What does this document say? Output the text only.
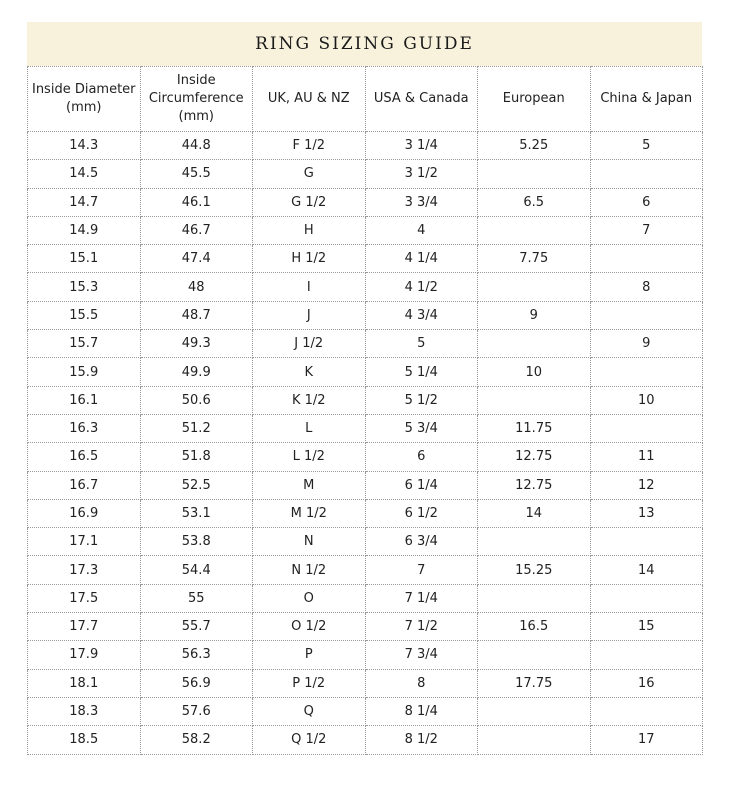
RING SIZING GUIDE
Inside Diameter (mm)	Inside Circumference (mm)	UK, AU & NZ	USA & Canada	European	China & Japan
14.3	44.8	F 1/2	3 1/4	5.25	5
14.5	45.5	G	3 1/2		
14.7	46.1	G 1/2	3 3/4	6.5	6
14.9	46.7	H	4		7
15.1	47.4	H 1/2	4 1/4	7.75	
15.3	48	I	4 1/2		8
15.5	48.7	J	4 3/4	9	
15.7	49.3	J 1/2	5		9
15.9	49.9	K	5 1/4	10	
16.1	50.6	K 1/2	5 1/2		10
16.3	51.2	L	5 3/4	11.75	
16.5	51.8	L 1/2	6	12.75	11
16.7	52.5	M	6 1/4	12.75	12
16.9	53.1	M 1/2	6 1/2	14	13
17.1	53.8	N	6 3/4		
17.3	54.4	N 1/2	7	15.25	14
17.5	55	O	7 1/4		
17.7	55.7	O 1/2	7 1/2	16.5	15
17.9	56.3	P	7 3/4		
18.1	56.9	P 1/2	8	17.75	16
18.3	57.6	Q	8 1/4		
18.5	58.2	Q 1/2	8 1/2		17
